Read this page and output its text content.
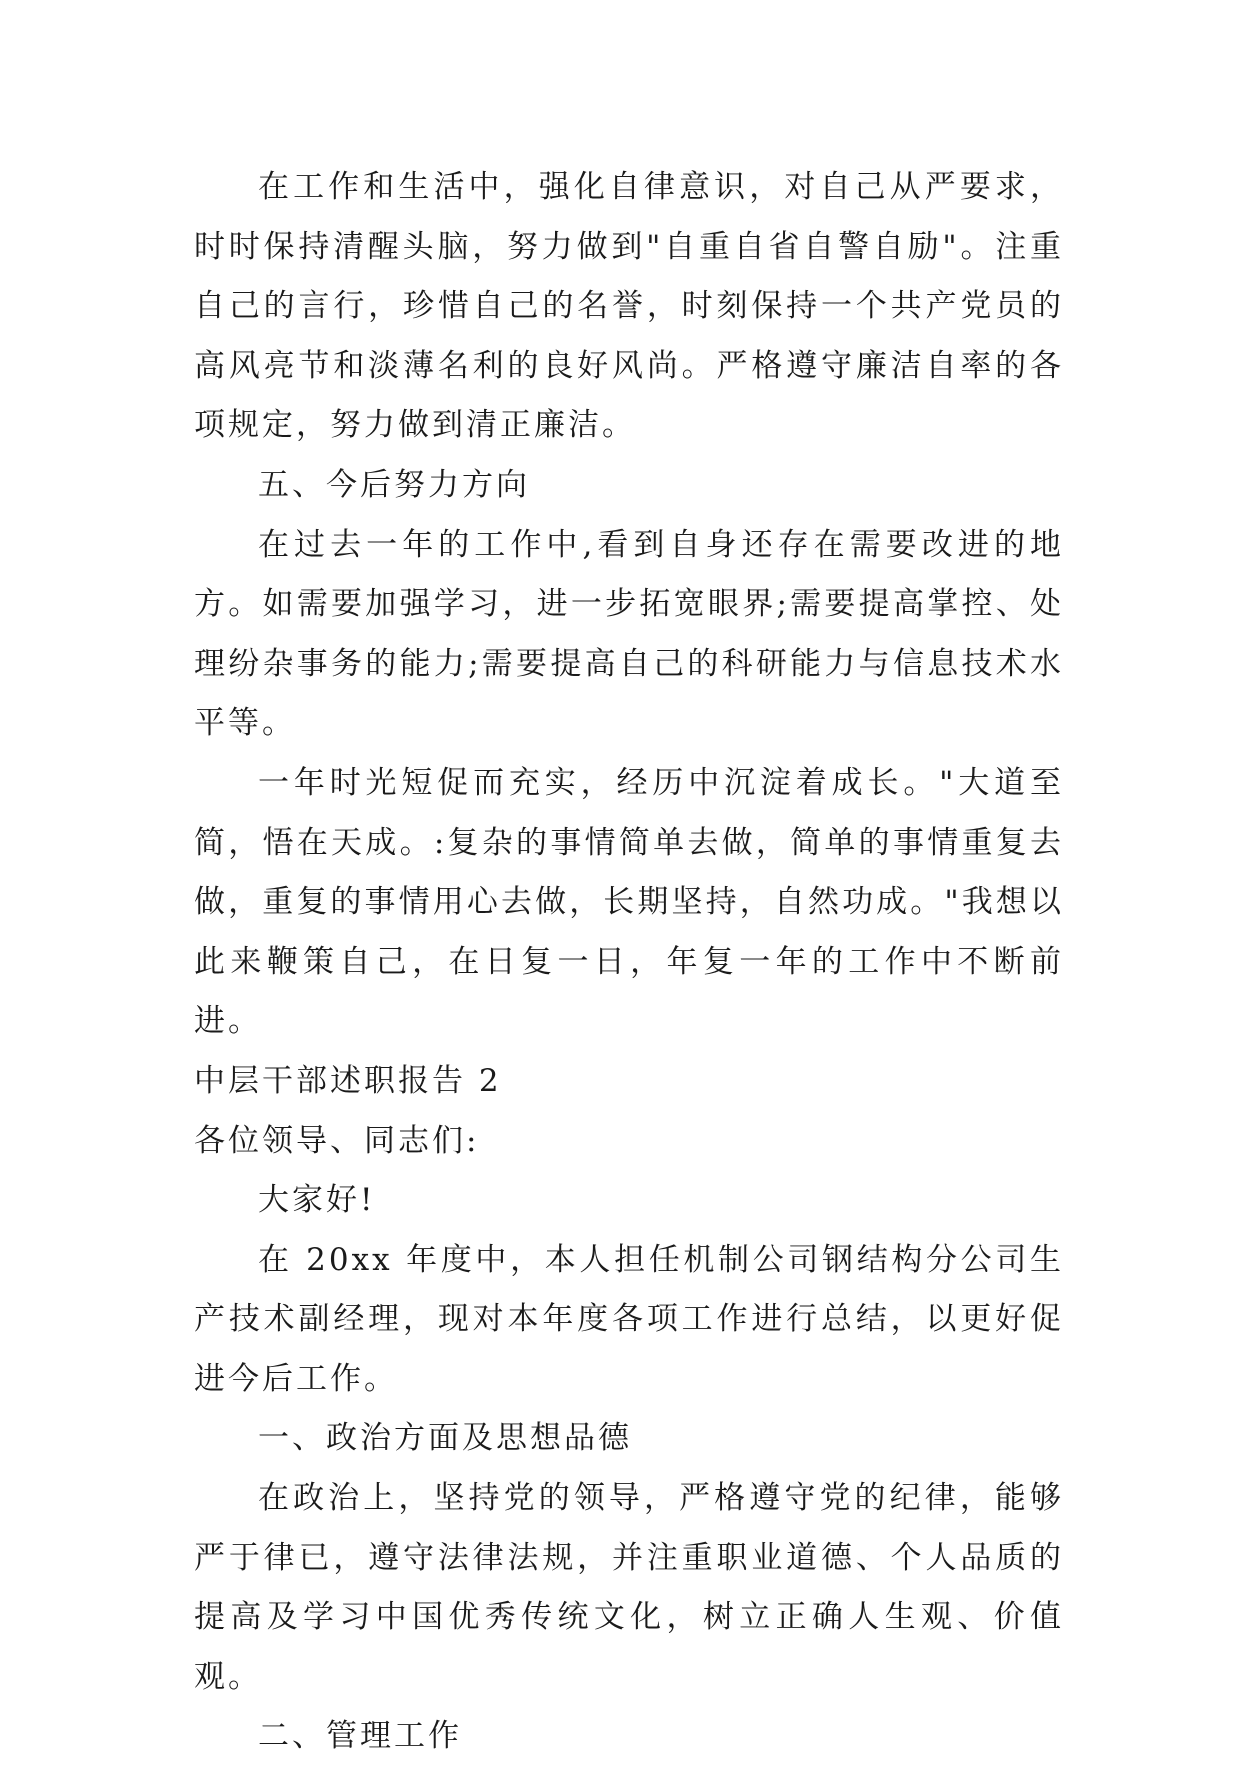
在工作和生活中，强化自律意识，对自己从严要求，时时保持清醒头脑，努力做到"自重自省自警自励"。注重自己的言行，珍惜自己的名誉，时刻保持一个共产党员的高风亮节和淡薄名利的良好风尚。严格遵守廉洁自率的各项规定，努力做到清正廉洁。

五、今后努力方向

在过去一年的工作中,看到自身还存在需要改进的地方。如需要加强学习，进一步拓宽眼界;需要提高掌控、处理纷杂事务的能力;需要提高自己的科研能力与信息技术水平等。

一年时光短促而充实，经历中沉淀着成长。"大道至简，悟在天成。:复杂的事情简单去做，简单的事情重复去做，重复的事情用心去做，长期坚持，自然功成。"我想以此来鞭策自己，在日复一日，年复一年的工作中不断前进。

中层干部述职报告 2

各位领导、同志们:

大家好!

在 20xx 年度中，本人担任机制公司钢结构分公司生产技术副经理，现对本年度各项工作进行总结，以更好促进今后工作。

一、政治方面及思想品德

在政治上，坚持党的领导，严格遵守党的纪律，能够严于律已，遵守法律法规，并注重职业道德、个人品质的提高及学习中国优秀传统文化，树立正确人生观、价值观。

二、管理工作
